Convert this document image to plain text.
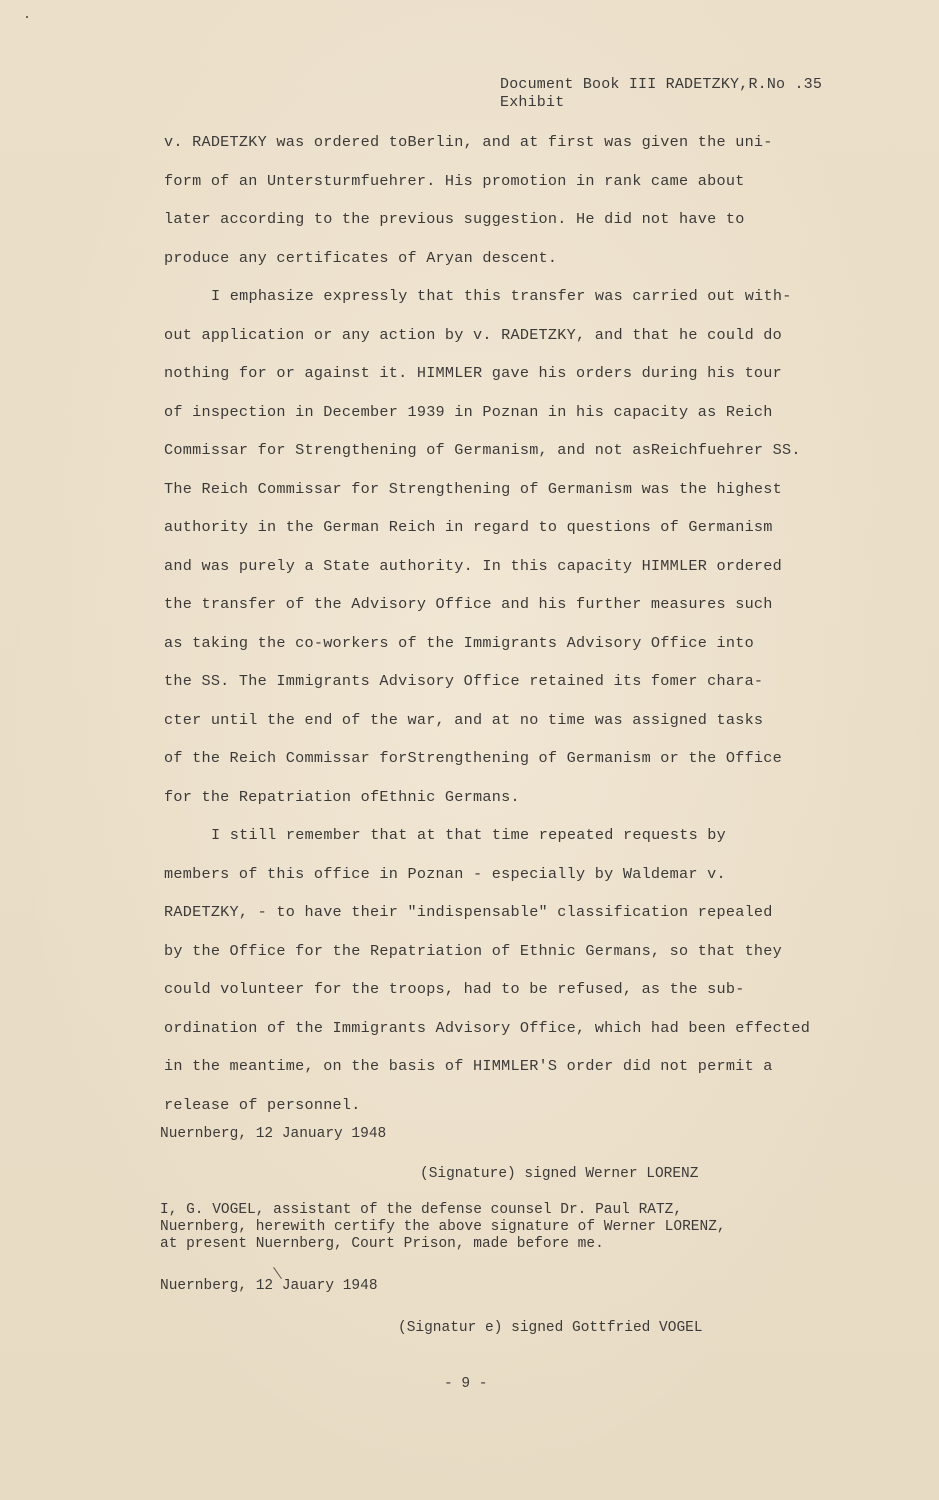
Document Book III RADETZKY,R.No .35
Exhibit
v. RADETZKY was ordered toBerlin, and at first was given the uni-
form of an Untersturmfuehrer. His promotion in rank came about
later according to the previous suggestion. He did not have to
produce any certificates of Aryan descent.
I emphasize expressly that this transfer was carried out with-
out application or any action by v. RADETZKY, and that he could do
nothing for or against it. HIMMLER gave his orders during his tour
of inspection in December 1939 in Poznan in his capacity as Reich
Commissar for Strengthening of Germanism, and not asReichfuehrer SS.
The Reich Commissar for Strengthening of Germanism was the highest
authority in the German Reich in regard to questions of Germanism
and was purely a State authority. In this capacity HIMMLER ordered
the transfer of the Advisory Office and his further measures such
as taking the co-workers of the Immigrants Advisory Office into
the SS. The Immigrants Advisory Office retained its fomer chara-
cter until the end of the war, and at no time was assigned tasks
of the Reich Commissar forStrengthening of Germanism or the Office
for the Repatriation ofEthnic Germans.
I still remember that at that time repeated requests by
members of this office in Poznan - especially by Waldemar v.
RADETZKY, - to have their "indispensable" classification repealed
by the Office for the Repatriation of Ethnic Germans, so that they
could volunteer for the troops, had to be refused, as the sub-
ordination of the Immigrants Advisory Office, which had been effected
in the meantime, on the basis of HIMMLER'S order did not permit a
release of personnel.
Nuernberg, 12 January 1948
(Signature) signed Werner LORENZ
I, G. VOGEL, assistant of the defense counsel Dr. Paul RATZ,
Nuernberg, herewith certify the above signature of Werner LORENZ,
at present Nuernberg, Court Prison, made before me.
Nuernberg, 12 Jauary 1948
(Signatur e) signed Gottfried VOGEL
- 9 -
